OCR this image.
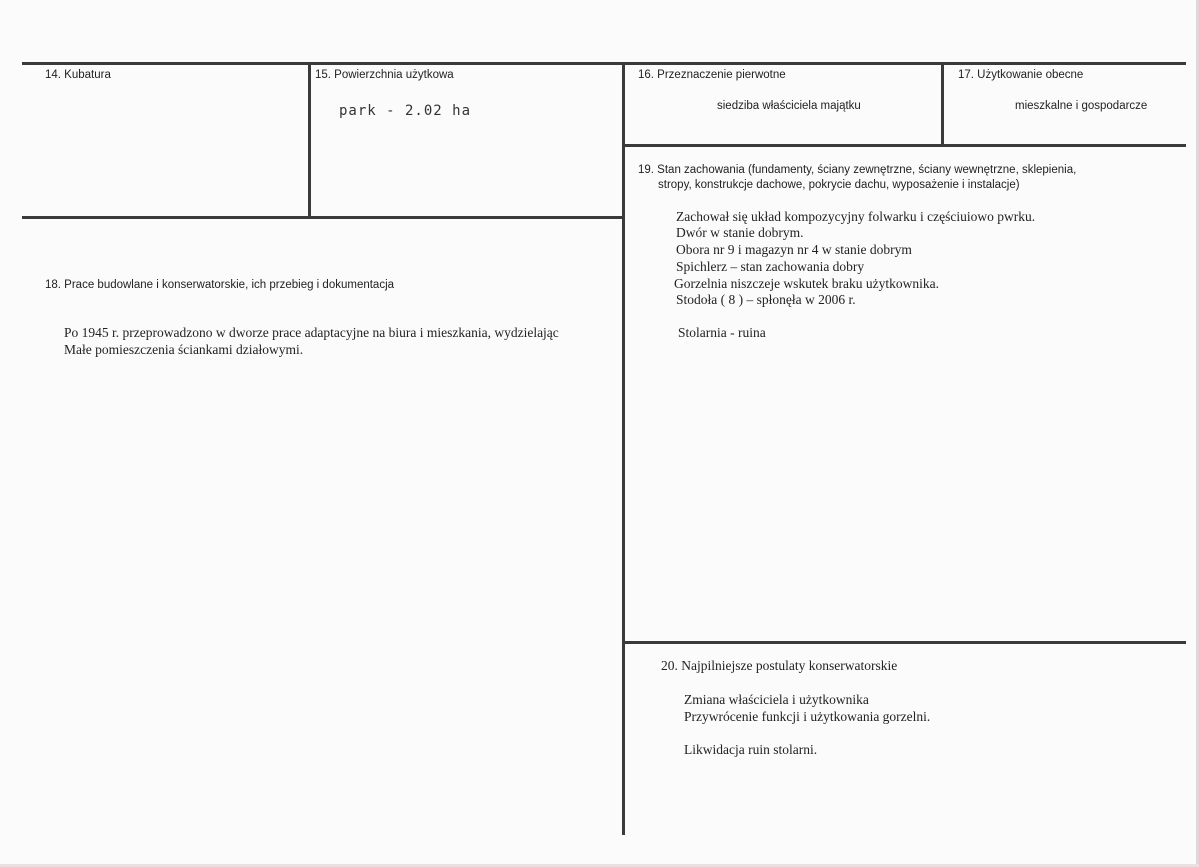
14. Kubatura	15. Powierzchnia użytkowa
park - 2.02 ha
16. Przeznaczenie pierwotne
siedziba właściciela majątku
17. Użytkowanie obecne
mieszkalne i gospodarcze
19. Stan zachowania (fundamenty, ściany zewnętrzne, ściany wewnętrzne, sklepienia,
stropy, konstrukcje dachowe, pokrycie dachu, wyposażenie i instalacje)
Zachował się układ kompozycyjny folwarku i częściuiowo pwrku.
Dwór w stanie dobrym.
Obora nr 9 i magazyn nr 4 w stanie dobrym
Spichlerz – stan zachowania dobry
Gorzelnia niszczeje wskutek braku użytkownika.
Stodoła ( 8 ) – spłonęła w 2006 r.
Stolarnia - ruina
18. Prace budowlane i konserwatorskie, ich przebieg i dokumentacja
Po 1945 r. przeprowadzono w dworze prace adaptacyjne na biura i mieszkania, wydzielając
Małe pomieszczenia ściankami działowymi.
20. Najpilniejsze postulaty konserwatorskie
Zmiana właściciela i użytkownika
Przywrócenie funkcji i użytkowania gorzelni.
Likwidacja ruin stolarni.
